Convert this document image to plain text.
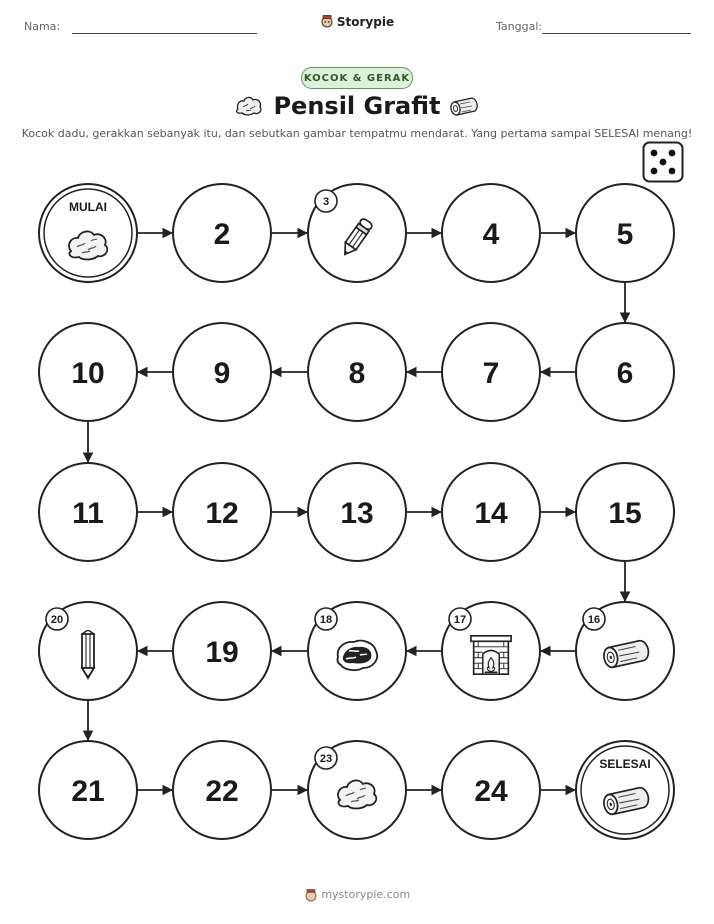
Nama:	Storypie	Tanggal:
KOCOK & GERAK
Pensil Grafit
Kocok dadu, gerakkan sebanyak itu, dan sebutkan gambar tempatmu mendarat. Yang pertama sampai SELESAI menang!
MULAI
2
3
4	5
6
7
8
9
10
11	12	13	14	15
16
17
18
19
20
21	22
23
24
SELESAI
mystorypie.com
